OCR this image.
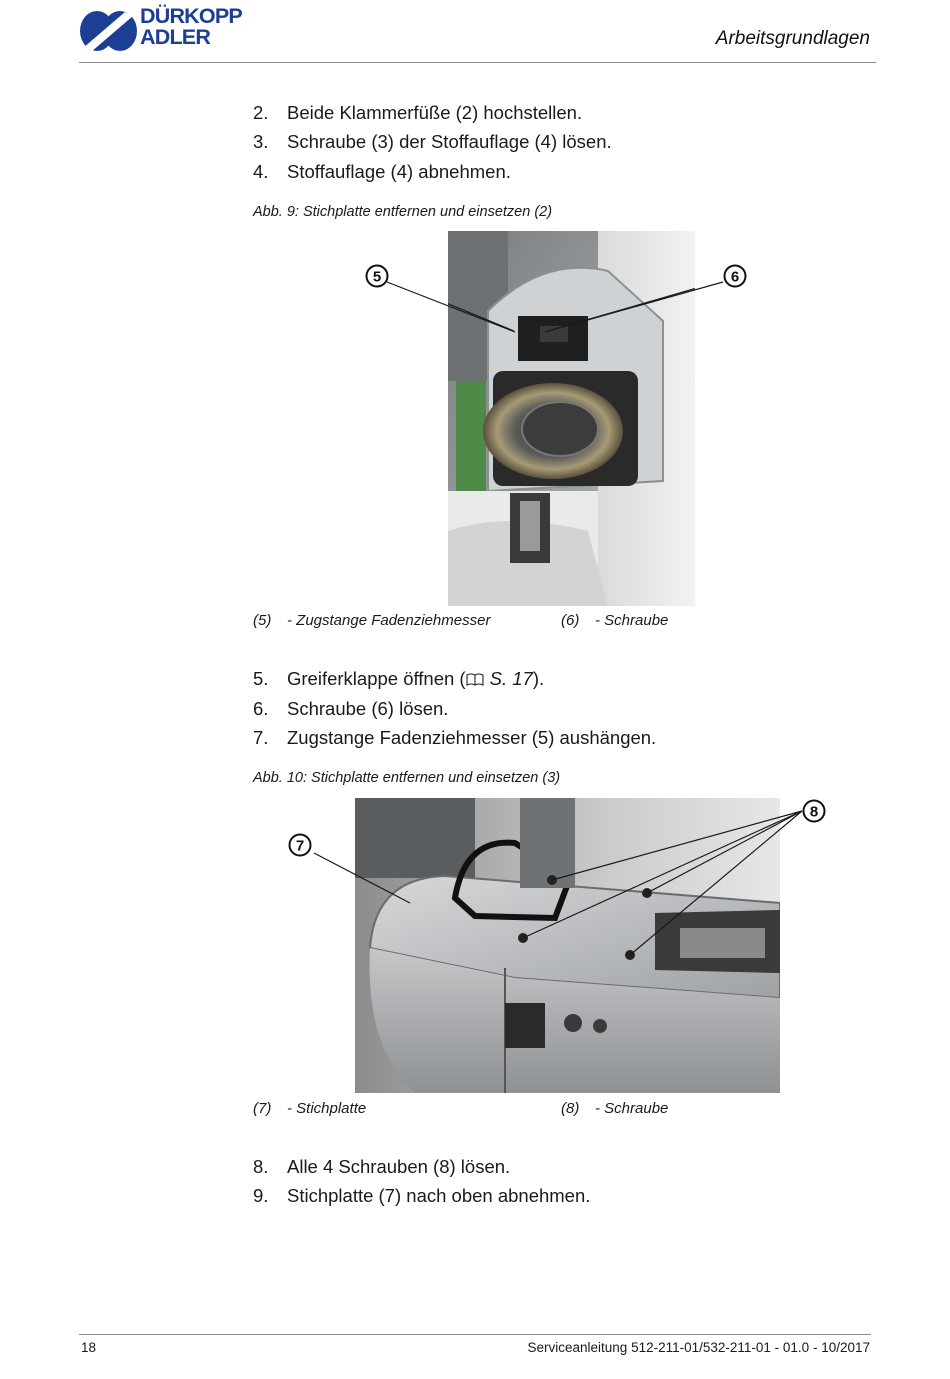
DÜRKOPP
ADLER	Arbeitsgrundlagen
2. Beide Klammerfüße (2) hochstellen.
3. Schraube (3) der Stoffauflage (4) lösen.
4. Stoffauflage (4) abnehmen.
Abb. 9: Stichplatte entfernen und einsetzen (2)
5	6
(5) - Zugstange Fadenziehmesser	(6) - Schraube
5. Greiferklappe öffnen ( S. 17).
6. Schraube (6) lösen.
7. Zugstange Fadenziehmesser (5) aushängen.
Abb. 10: Stichplatte entfernen und einsetzen (3)
7
8
(7) - Stichplatte	(8) - Schraube
8. Alle 4 Schrauben (8) lösen.
9. Stichplatte (7) nach oben abnehmen.
18	Serviceanleitung 512-211-01/532-211-01 - 01.0 - 10/2017
